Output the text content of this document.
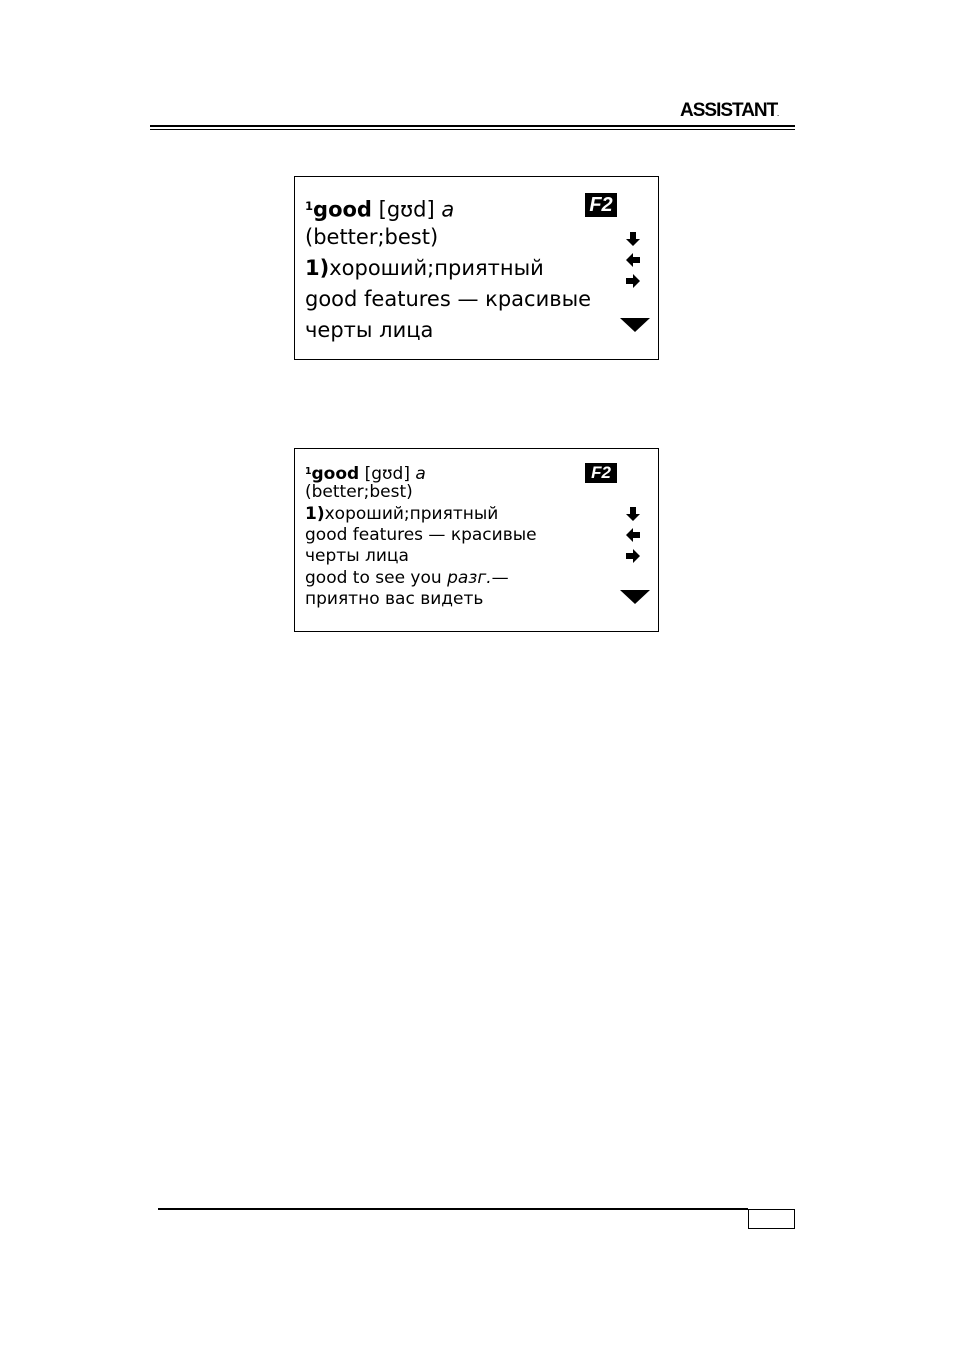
ASSISTANT.
$^1$good [gʊd] a	F2
(better;best)
1)хороший;приятный
good features — красивые
черты лица
$^1$good [gʊd] a	F2
(better;best)
1)хороший;приятный
good features — красивые
черты лица
good to see you разг.—
приятно вас видеть
